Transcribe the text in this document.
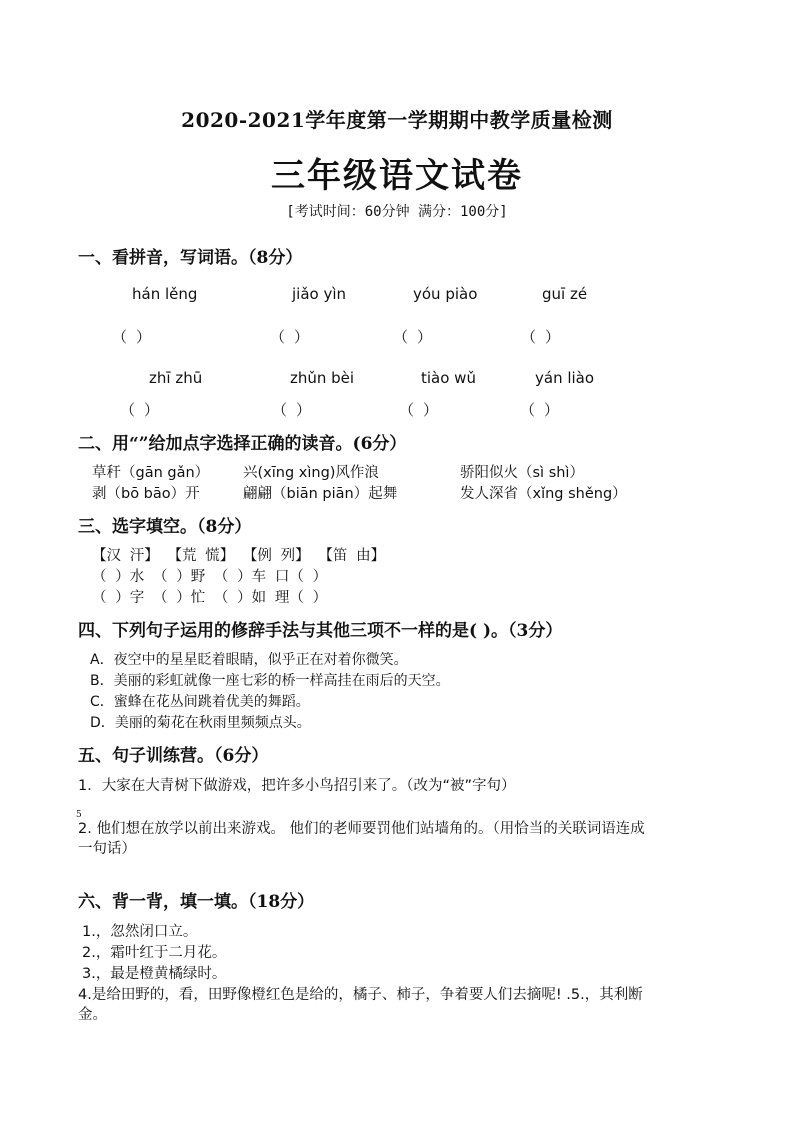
2020-2021学年度第一学期期中教学质量检测
三年级语文试卷
[考试时间：60分钟 满分：100分]
一、看拼音，写词语。（8分）
hán lěng	jiǎo yìn	yóu piào	guī zé
（ ）	（ ）	（ ）	（ ）
zhī zhū	zhǔn bèi	tiào wǔ	yán liào
（ ）	（ ）	（ ）	（ ）
二、用“”给加点字选择正确的读音。(6分）
草秆（gān gǎn） 兴(xīng xìng)风作浪	骄阳似火（sì shì）
剥（bō bāo）开	翩翩（biān piān）起舞	发人深省（xǐng shěng）
三、选字填空。（8分）
【汉 汗】 【荒 慌】 【例 列】 【笛 由】
（ ）水 （ ）野 （ ）车 口（ ）
（ ）字 （ ）忙 （ ）如 理（ ）
四、下列句子运用的修辞手法与其他三项不一样的是( )。（3分）
A．夜空中的星星眨着眼睛，似乎正在对着你微笑。
B．美丽的彩虹就像一座七彩的桥一样高挂在雨后的天空。
C．蜜蜂在花丛间跳着优美的舞蹈。
D．美丽的菊花在秋雨里频频点头。
五、句子训练营。（6分）
1．大家在大青树下做游戏，把许多小鸟招引来了。（改为“被”字句）
5
2. 他们想在放学以前出来游戏。 他们的老师要罚他们站墙角的。（用恰当的关联词语连成
一句话）
六、背一背，填一填。（18分）
1.，忽然闭口立。
2.，霜叶红于二月花。
3.，最是橙黄橘绿时。
4.是给田野的，看，田野像橙红色是给的，橘子、柿子，争着要人们去摘呢! .5.，其利断
金。
